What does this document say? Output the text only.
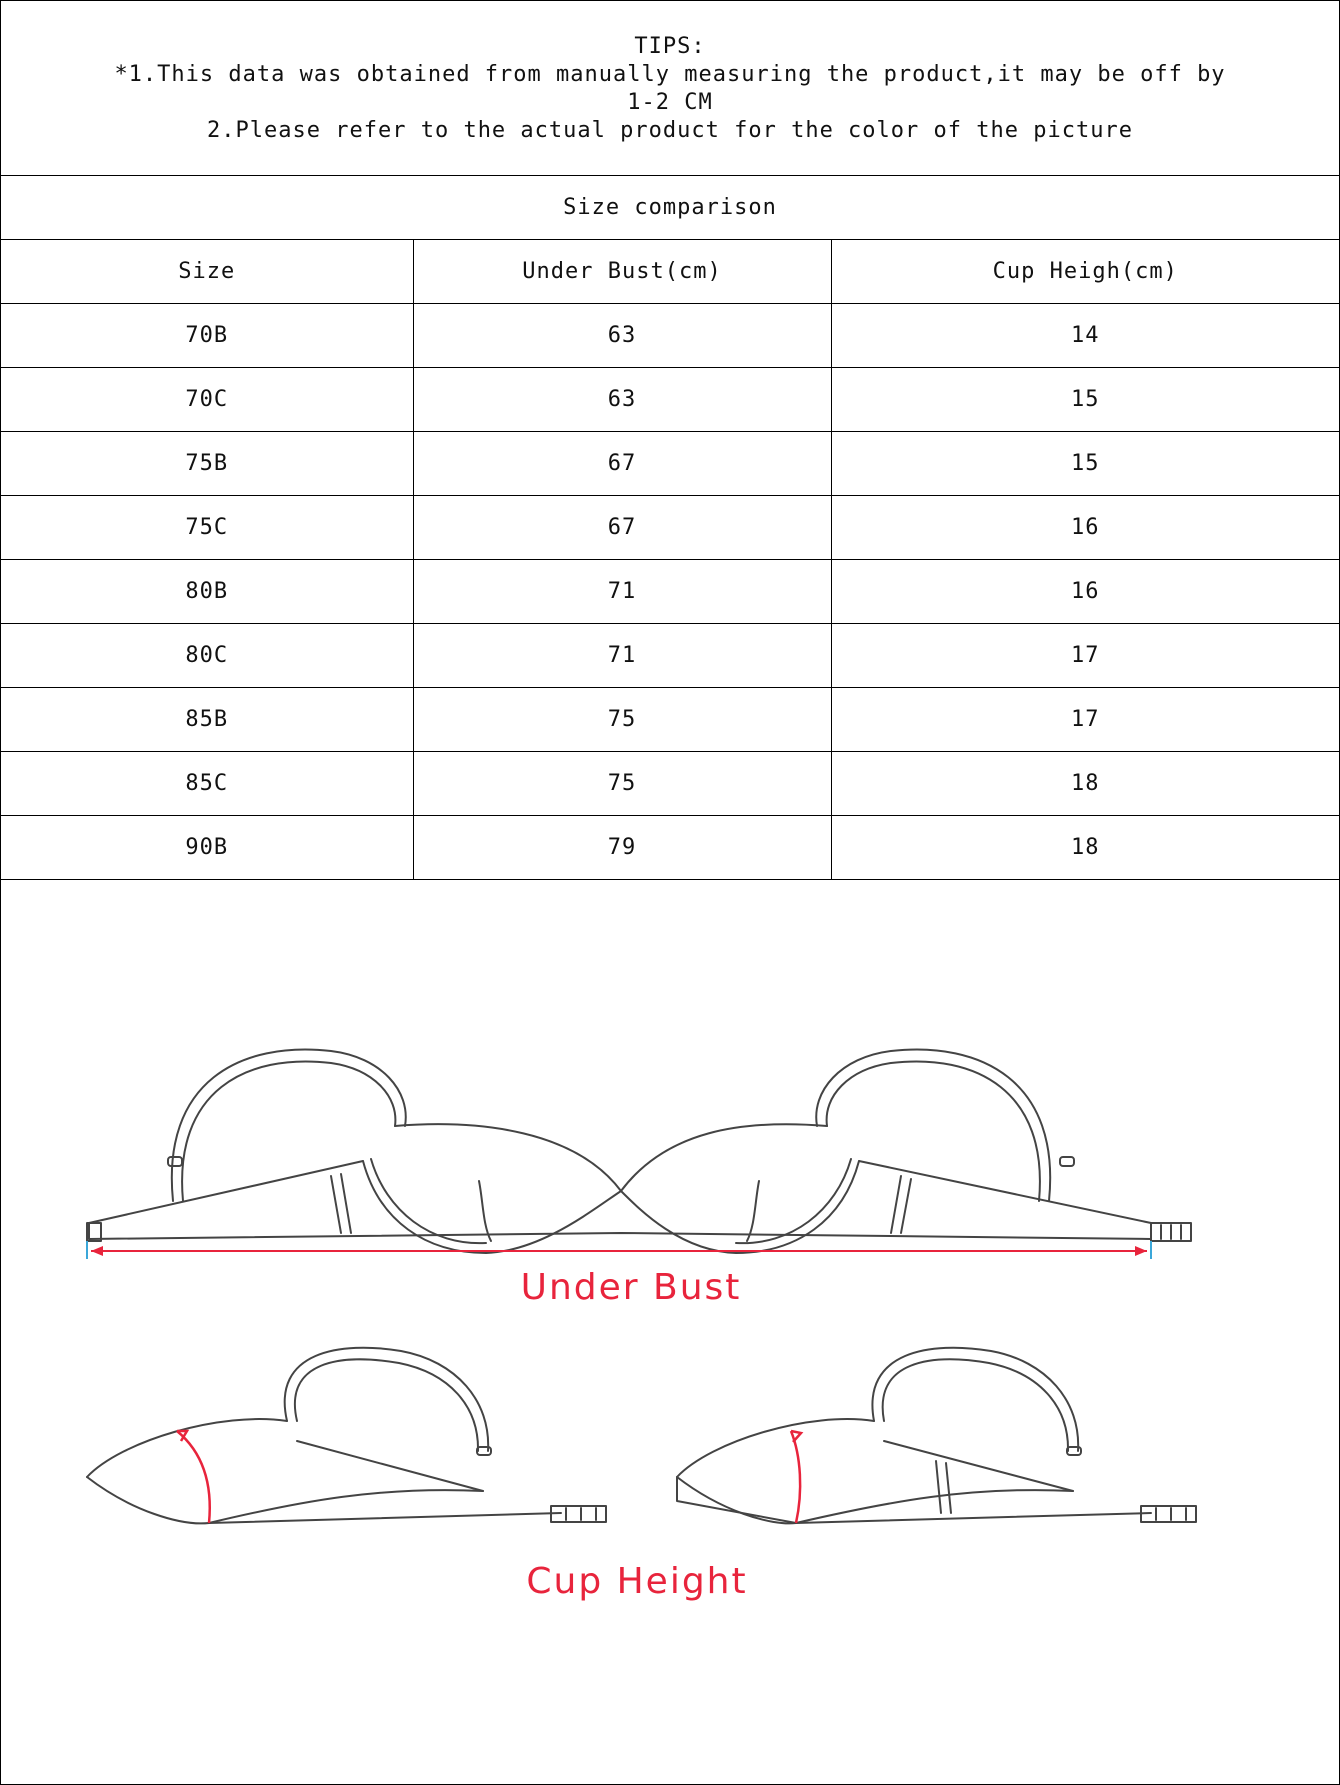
TIPS:
*1.This data was obtained from manually measuring the product,it may be off by
1-2 CM
2.Please refer to the actual product for the color of the picture
Size comparison
Size	Under Bust(cm)	Cup Heigh(cm)
70B	63	14
70C	63	15
75B	67	15
75C	67	16
80B	71	16
80C	71	17
85B	75	17
85C	75	18
90B	79	18
Under Bust
Cup Height
